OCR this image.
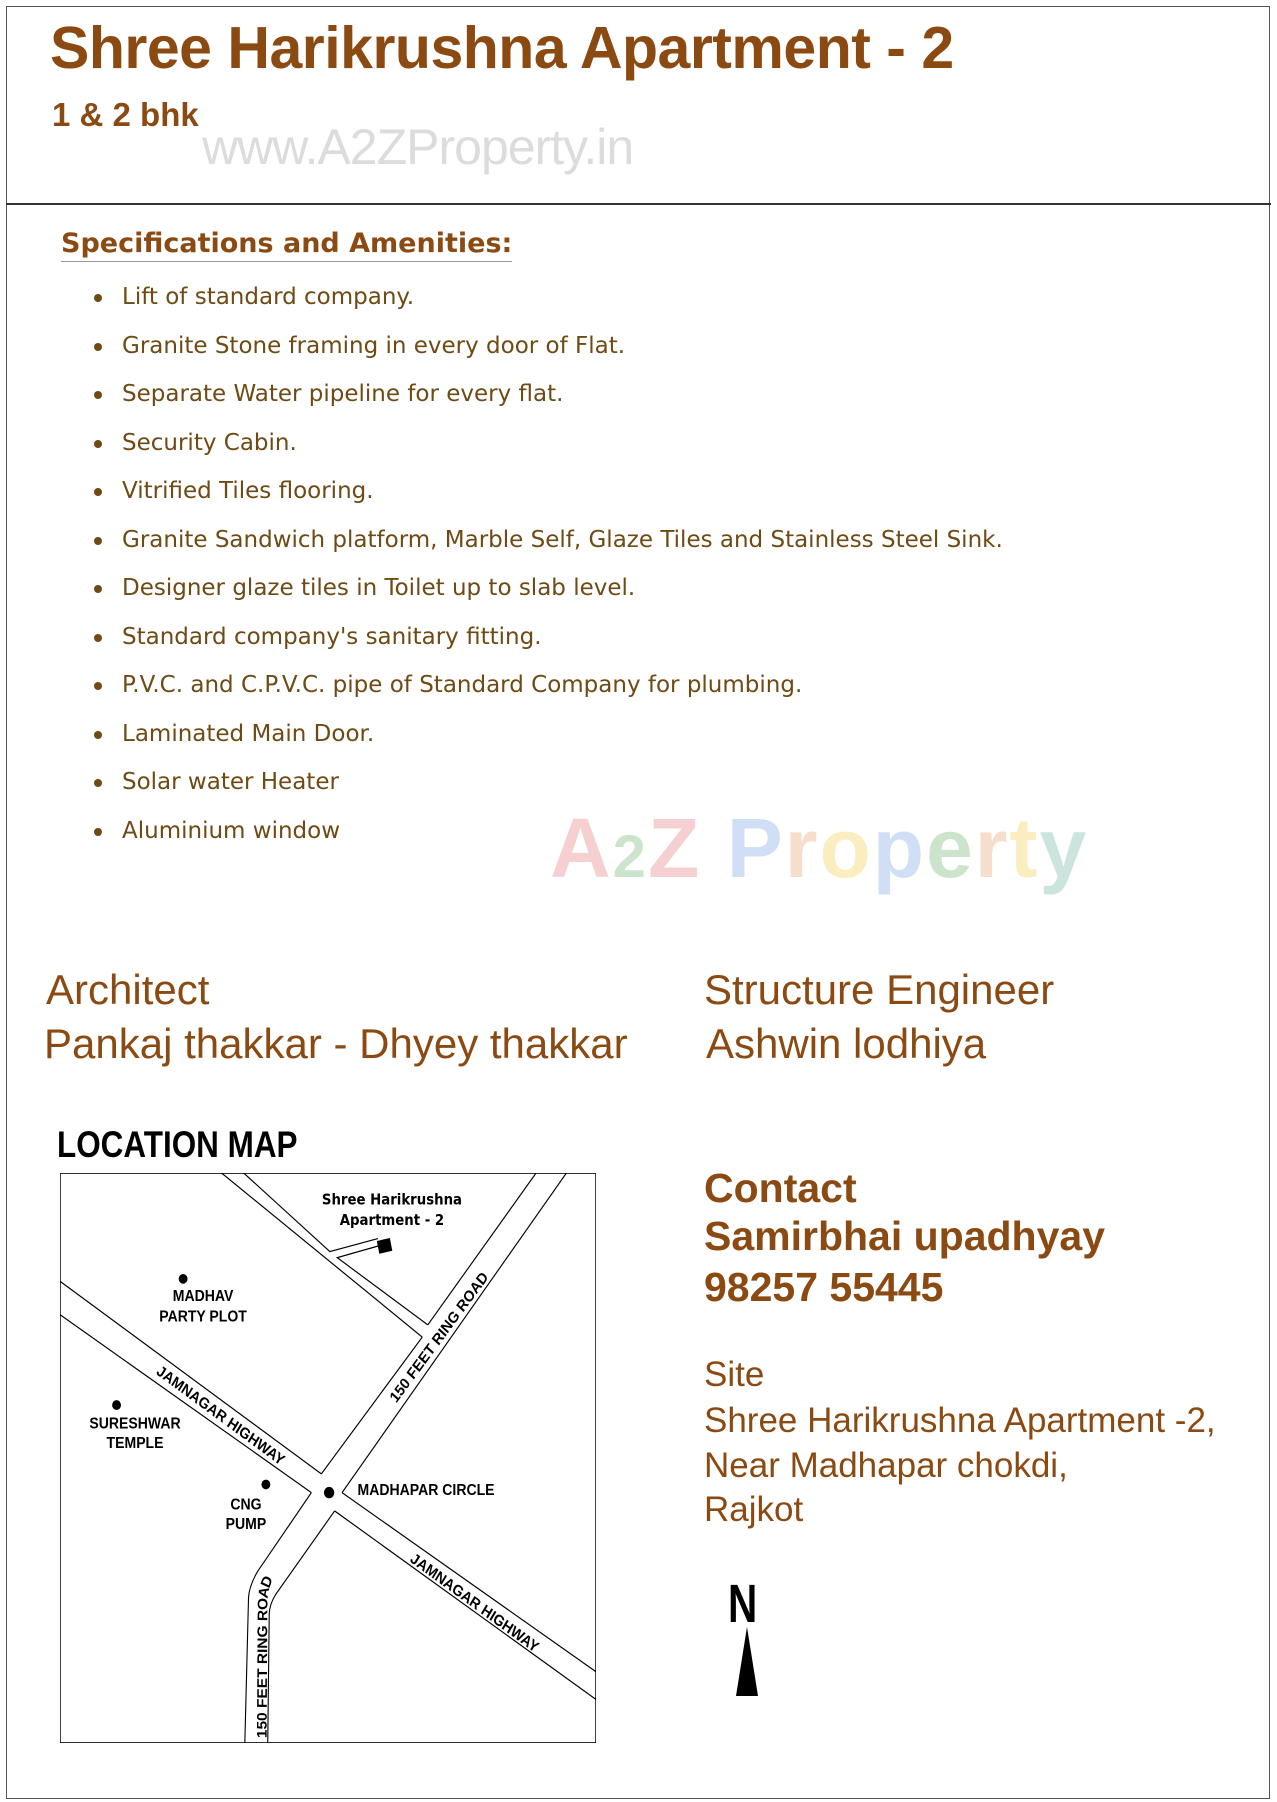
www.A2ZProperty.in
Shree Harikrushna Apartment - 2
1 & 2 bhk
Specifications and Amenities:
Lift of standard company.
Granite Stone framing in every door of Flat.
Separate Water pipeline for every flat.
Security Cabin.
Vitrified Tiles flooring.
Granite Sandwich platform, Marble Self, Glaze Tiles and Stainless Steel Sink.
Designer glaze tiles in Toilet up to slab level.
Standard company's sanitary fitting.
P.V.C. and C.P.V.C. pipe of Standard Company for plumbing.
Laminated Main Door.
Solar water Heater
Aluminium window	A2Z Property
Architect
Pankaj thakkar - Dhyey thakkar
Structure Engineer
Ashwin lodhiya
LOCATION MAP
Shree Harikrushna
Apartment - 2
MADHAV
PARTY PLOT
SURESHWAR
TEMPLE
CNG
PUMP
MADHAPAR CIRCLE
JAMNAGAR HIGHWAY
JAMNAGAR HIGHWAY
150 FEET RING ROAD
150 FEET RING ROAD
Contact
Samirbhai upadhyay
98257 55445
Site
Shree Harikrushna Apartment -2,
Near Madhapar chokdi,
Rajkot
N
